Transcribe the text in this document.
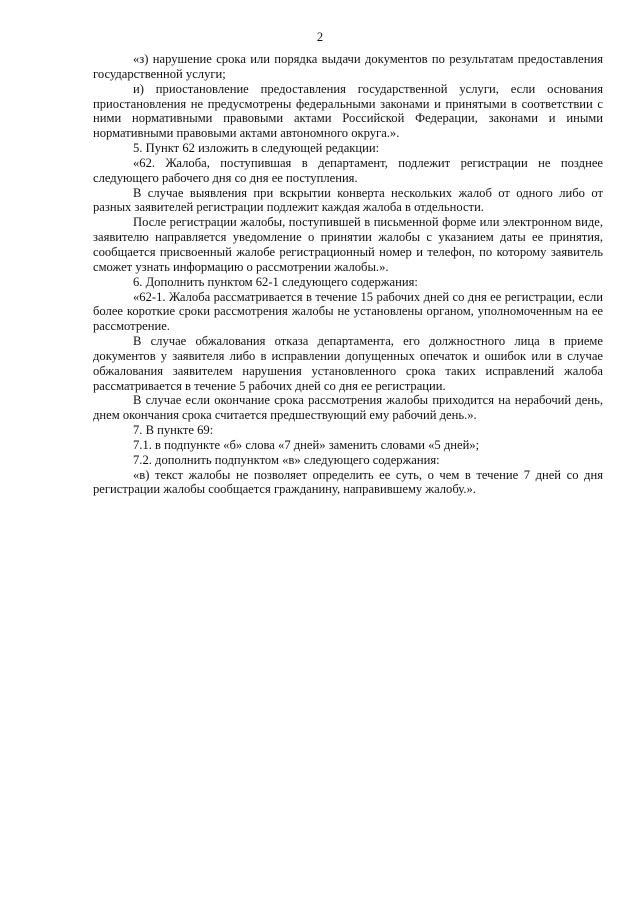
2

«з) нарушение срока или порядка выдачи документов по результатам предоставления государственной услуги;

и) приостановление предоставления государственной услуги, если основания приостановления не предусмотрены федеральными законами и принятыми в соответствии с ними нормативными правовыми актами Российской Федерации, законами и иными нормативными правовыми актами автономного округа.».

5. Пункт 62 изложить в следующей редакции:

«62. Жалоба, поступившая в департамент, подлежит регистрации не позднее следующего рабочего дня со дня ее поступления.

В случае выявления при вскрытии конверта нескольких жалоб от одного либо от разных заявителей регистрации подлежит каждая жалоба в отдельности.

После регистрации жалобы, поступившей в письменной форме или электронном виде, заявителю направляется уведомление о принятии жалобы с указанием даты ее принятия, сообщается присвоенный жалобе регистрационный номер и телефон, по которому заявитель сможет узнать информацию о рассмотрении жалобы.».

6. Дополнить пунктом 62-1 следующего содержания:

«62-1. Жалоба рассматривается в течение 15 рабочих дней со дня ее регистрации, если более короткие сроки рассмотрения жалобы не установлены органом, уполномоченным на ее рассмотрение.

В случае обжалования отказа департамента, его должностного лица в приеме документов у заявителя либо в исправлении допущенных опечаток и ошибок или в случае обжалования заявителем нарушения установленного срока таких исправлений жалоба рассматривается в течение 5 рабочих дней со дня ее регистрации.

В случае если окончание срока рассмотрения жалобы приходится на нерабочий день, днем окончания срока считается предшествующий ему рабочий день.».

7. В пункте 69:

7.1. в подпункте «б» слова «7 дней» заменить словами «5 дней»;

7.2. дополнить подпунктом «в» следующего содержания:

«в) текст жалобы не позволяет определить ее суть, о чем в течение 7 дней со дня регистрации жалобы сообщается гражданину, направившему жалобу.».
